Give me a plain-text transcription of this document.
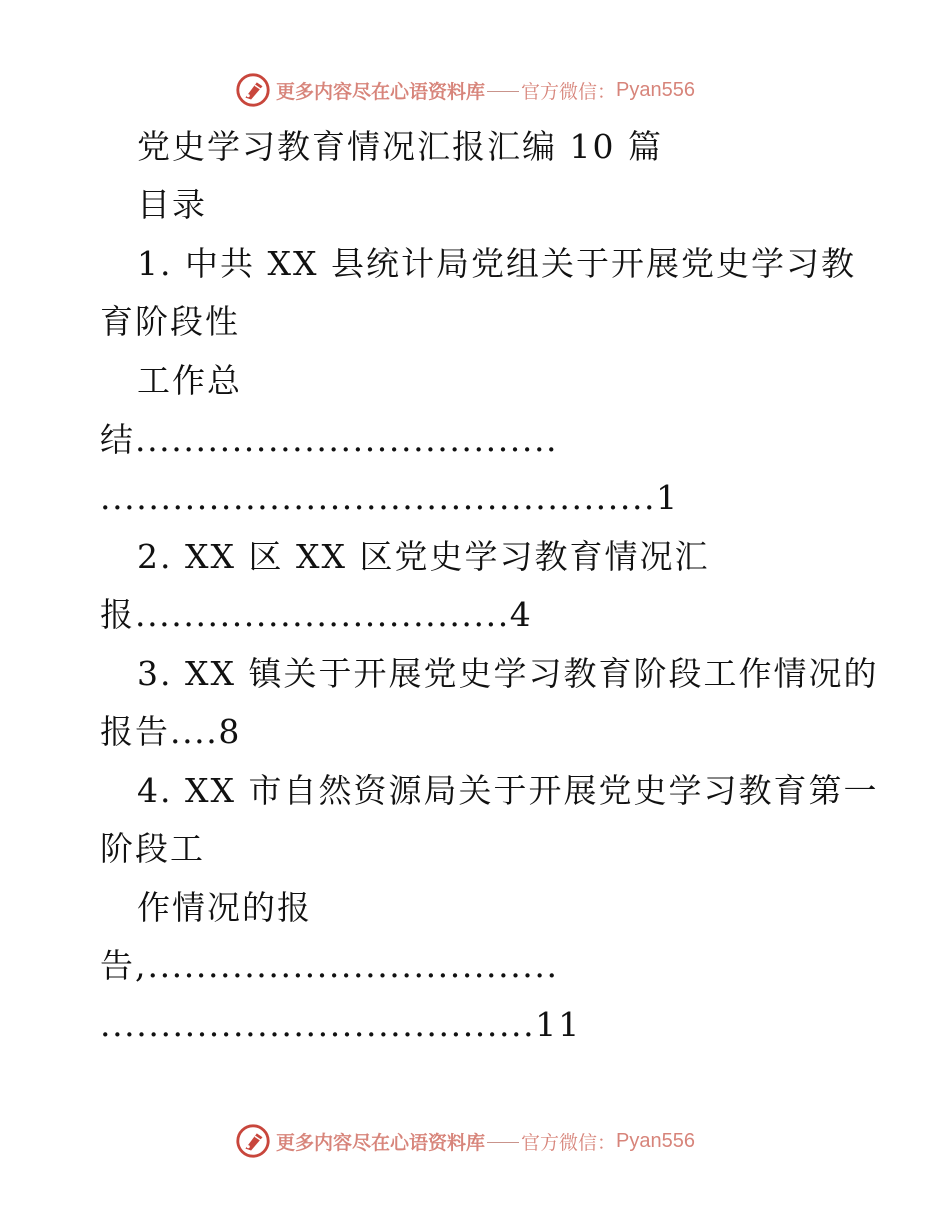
更多内容尽在心语资料库 官方微信： Pyan556
党史学习教育情况汇报汇编 10 篇
目录
1. 中共 XX 县统计局党组关于开展党史学习教
育阶段性
工作总
结...................................
..............................................1
2. XX 区 XX 区党史学习教育情况汇
报...............................4
3. XX 镇关于开展党史学习教育阶段工作情况的
报告....8
4. XX 市自然资源局关于开展党史学习教育第一
阶段工
作情况的报
告,..................................
....................................11
更多内容尽在心语资料库 官方微信： Pyan556
